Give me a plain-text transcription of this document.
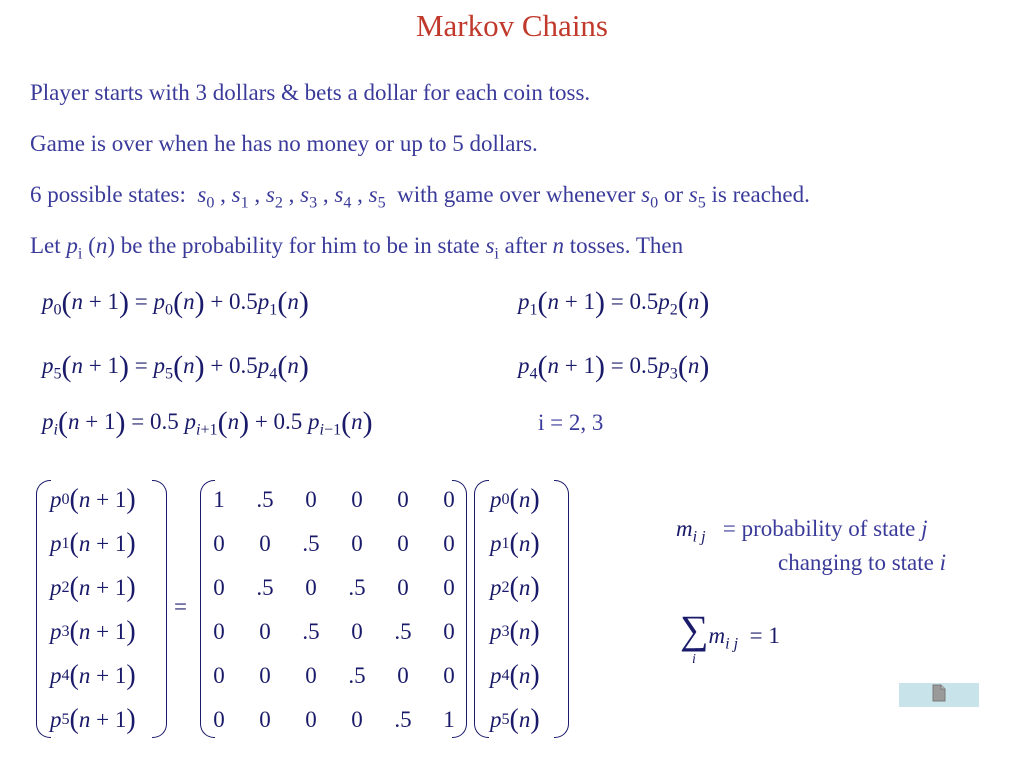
Markov Chains
Player starts with 3 dollars & bets a dollar for each coin toss.
Game is over when he has no money or up to 5 dollars.
6 possible states: $s_0$ , $s_1$ , $s_2$ , $s_3$ , $s_4$ , $s_5$ with game over whenever $s_0$ or $s_5$ is reached.
Let $p_i$ (n) be the probability for him to be in state $s_i$ after n tosses. Then
$p_0(n + 1) = p_0(n) + 0.5p_1(n)$	$p_1(n + 1) = 0.5p_2(n)$
$p_5(n + 1) = p_5(n) + 0.5p_4(n)$	$p_4(n + 1) = 0.5p_3(n)$
$p_i(n + 1) = 0.5$ $p_{i+1}(n) + 0.5$ $p_{i-1}(n)$	i = 2, 3
p 0 ( n + 1 )
p 1 ( n + 1 )
p 2 ( n + 1 )
p 3 ( n + 1 )
p 4 ( n + 1 )
p 5 ( n + 1 )
=
1	.5	0	0	0	0
0	0	.5	0	0	0
0	.5	0	.5	0	0
0	0	.5	0	.5	0
0	0	0	.5	0	0
0	0	0	0	.5	1
p 0 ( n )
p 1 ( n )
p 2 ( n )
p 3 ( n )
p 4 ( n )
p 5 ( n )
$m_{i j}$ = probability of state j
changing to state i
$\sum m_{i j} = 1$
i
